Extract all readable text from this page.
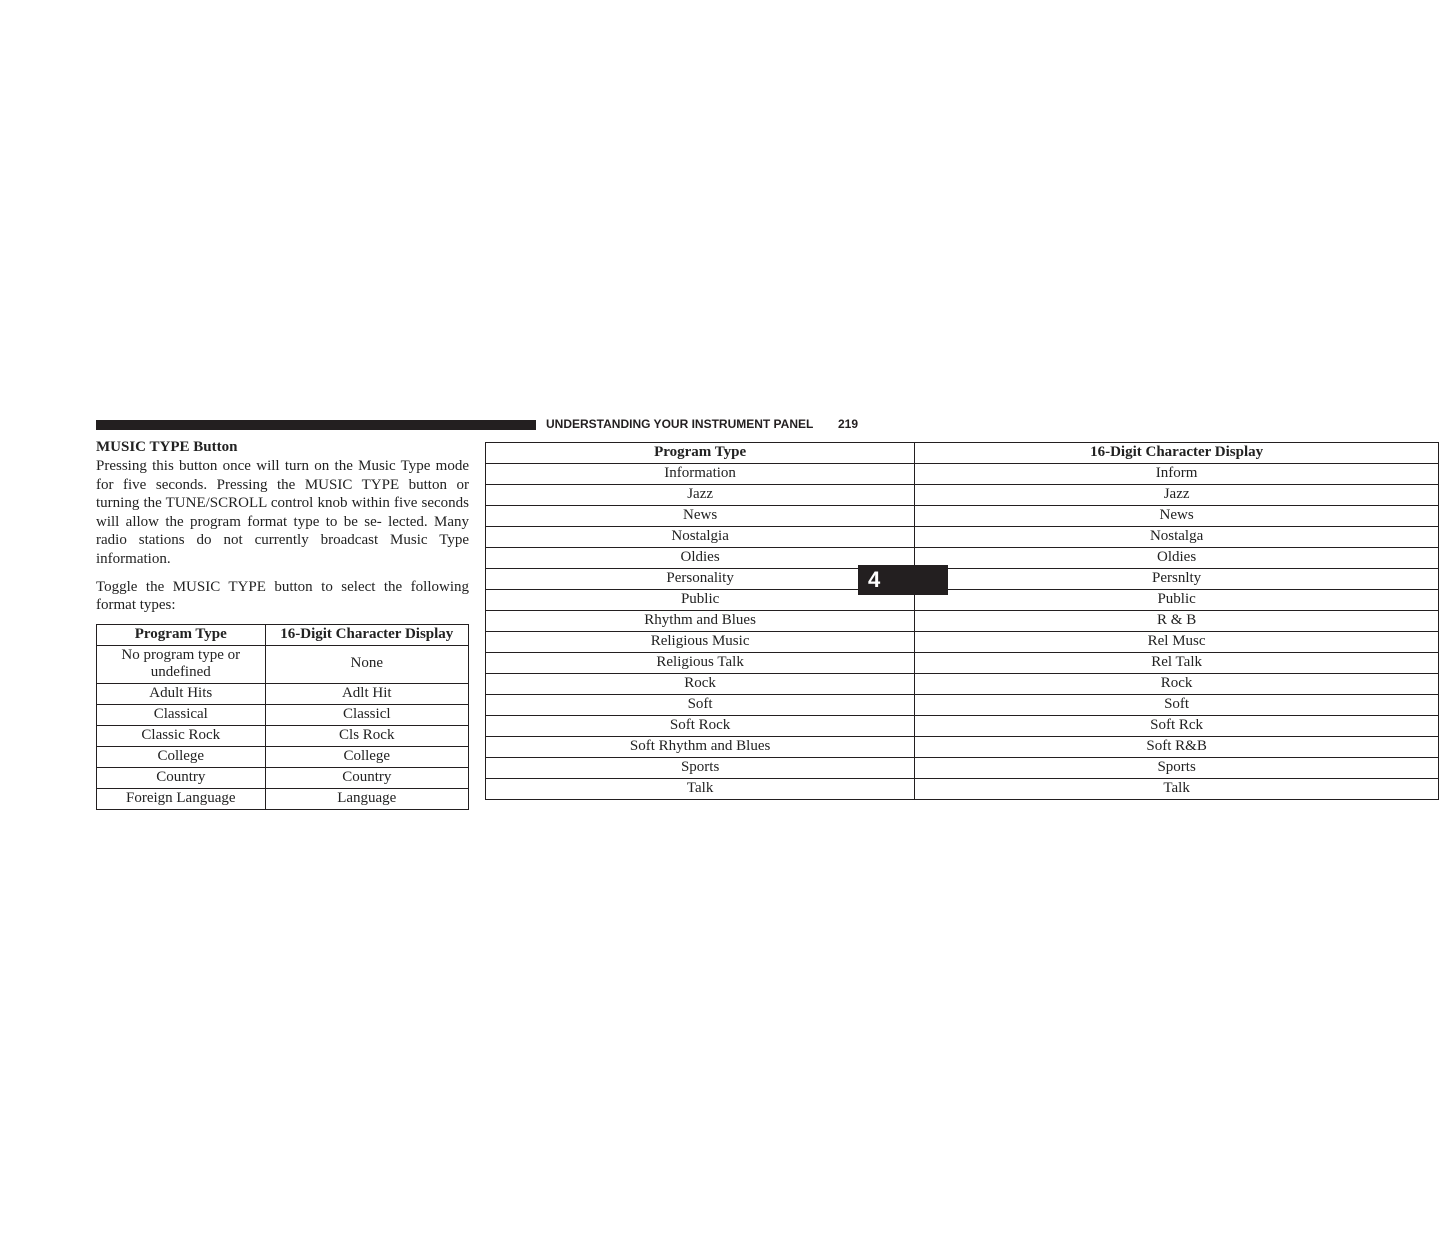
UNDERSTANDING YOUR INSTRUMENT PANEL 219
4

MUSIC TYPE Button

Pressing this button once will turn on the Music Type mode for five seconds. Pressing the MUSIC TYPE button or turning the TUNE/SCROLL control knob within five seconds will allow the program format type to be se- lected. Many radio stations do not currently broadcast Music Type information.

Toggle the MUSIC TYPE button to select the following format types:

Program Type	16-Digit Character Display
No program type or undefined	None
Adult Hits	Adlt Hit
Classical	Classicl
Classic Rock	Cls Rock
College	College
Country	Country
Foreign Language	Language
Program Type	16-Digit Character Display
Information	Inform
Jazz	Jazz
News	News
Nostalgia	Nostalga
Oldies	Oldies
Personality	Persnlty
Public	Public
Rhythm and Blues	R & B
Religious Music	Rel Musc
Religious Talk	Rel Talk
Rock	Rock
Soft	Soft
Soft Rock	Soft Rck
Soft Rhythm and Blues	Soft R&B
Sports	Sports
Talk	Talk
